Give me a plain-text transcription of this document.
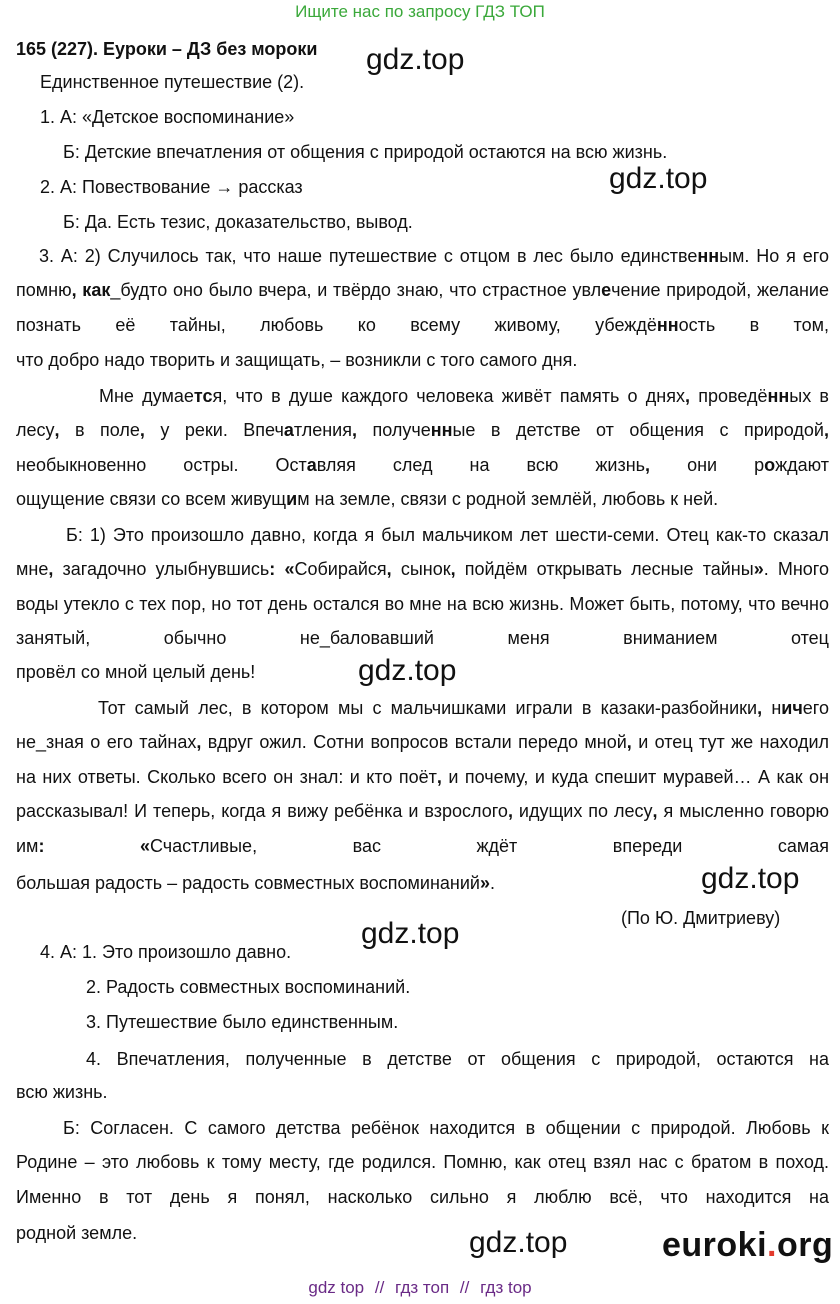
Ищите нас по запросу ГДЗ ТОП
165 (227). Еуроки – ДЗ без мороки gdz.top
gdz.top
gdz.top
gdz.top
gdz.top
gdz.top
Единственное путешествие (2).
1. А: «Детское воспоминание»
Б: Детские впечатления от общения с природой остаются на всю жизнь.
2. А: Повествование → рассказ
Б: Да. Есть тезис, доказательство, вывод.
3. А: 2) Случилось так, что наше путешествие с отцом в лес было единственным. Но я его помню, как_будто оно было вчера, и твёрдо знаю, что страстное увлечение природой, желание познать её тайны, любовь ко всему живому, убеждённость в том,
что добро надо творить и защищать, – возникли с того самого дня.
Мне думается, что в душе каждого человека живёт память о днях, проведённых в лесу, в поле, у реки. Впечатления, полученные в детстве от общения с природой, необыкновенно остры. Оставляя след на всю жизнь, они рождают
ощущение связи со всем живущим на земле, связи с родной землёй, любовь к ней.
Б: 1) Это произошло давно, когда я был мальчиком лет шести-семи. Отец как-то сказал мне, загадочно улыбнувшись: «Собирайся, сынок, пойдём открывать лесные тайны». Много воды утекло с тех пор, но тот день остался во мне на всю жизнь. Может быть, потому, что вечно занятый, обычно не_баловавший меня вниманием отец
провёл со мной целый день!
Тот самый лес, в котором мы с мальчишками играли в казаки-разбойники, ничего не_зная о его тайнах, вдруг ожил. Сотни вопросов встали передо мной, и отец тут же находил на них ответы. Сколько всего он знал: и кто поёт, и почему, и куда спешит муравей… А как он рассказывал! И теперь, когда я вижу ребёнка и взрослого, идущих по лесу, я мысленно говорю им: «Счастливые, вас ждёт впереди самая
большая радость – радость совместных воспоминаний».
(По Ю. Дмитриеву)
4. А: 1. Это произошло давно.
2. Радость совместных воспоминаний.
3. Путешествие было единственным.
4. Впечатления, полученные в детстве от общения с природой, остаются на
всю жизнь.
Б: Согласен. С самого детства ребёнок находится в общении с природой. Любовь к Родине – это любовь к тому месту, где родился. Помню, как отец взял нас с братом в поход. Именно в тот день я понял, насколько сильно я люблю всё, что находится на
родной земле.	euroki.org
gdz top // гдз топ // гдз top
